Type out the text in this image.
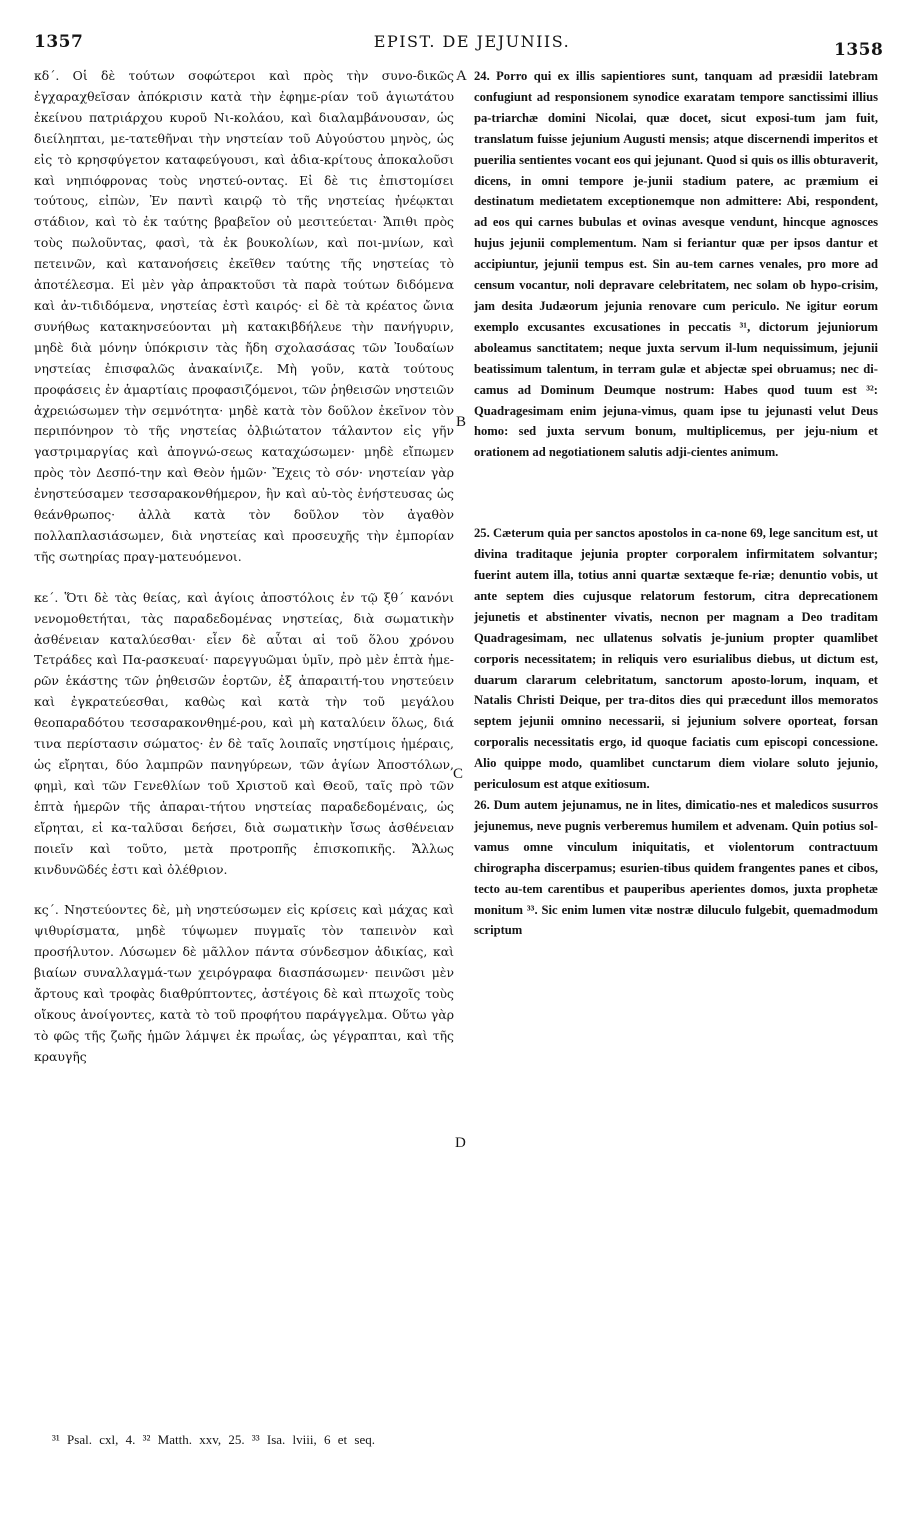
1357	EPIST. DE JEJUNIIS.	1358

κδ΄. Οἱ δὲ τούτων σοφώτεροι καὶ πρὸς τὴν συνο-δικῶς ἐγχαραχθεῖσαν ἀπόκρισιν κατὰ τὴν ἐφημε-ρίαν τοῦ ἁγιωτάτου ἐκείνου πατριάρχου κυροῦ Νι-κολάου, καὶ διαλαμβάνουσαν, ὡς διείληπται, με-τατεθῆναι τὴν νηστείαν τοῦ Αὐγούστου μηνὸς, ὡς εἰς τὸ κρησφύγετον καταφεύγουσι, καὶ ἀδια-κρίτους ἀποκαλοῦσι καὶ νηπιόφρονας τοὺς νηστεύ-οντας. Εἰ δὲ τις ἐπιστομίσει τούτους, εἰπὼν, Ἐν παντὶ καιρῷ τὸ τῆς νηστείας ἠνέῳκται στάδιον, καὶ τὸ ἐκ ταύτης βραβεῖον οὐ μεσιτεύεται· Ἄπιθι πρὸς τοὺς πωλοῦντας, φασὶ, τὰ ἐκ βουκολίων, καὶ ποι-μνίων, καὶ πετεινῶν, καὶ κατανοήσεις ἐκεῖθεν ταύτης τῆς νηστείας τὸ ἀποτέλεσμα. Εἰ μὲν γὰρ ἀπρακτοῦσι τὰ παρὰ τούτων διδόμενα καὶ ἀν-τιδιδόμενα, νηστείας ἐστὶ καιρός· εἰ δὲ τὰ κρέατος ὤνια συνήθως κατακηνσεύονται μὴ κατακιβδήλευε τὴν πανήγυριν, μηδὲ διὰ μόνην ὑπόκρισιν τὰς ἤδη σχολασάσας τῶν Ἰουδαίων νηστείας ἐπισφαλῶς ἀνακαίνιζε. Μὴ γοῦν, κατὰ τούτους προφάσεις ἐν ἁμαρτίαις προφασιζόμενοι, τῶν ῥηθεισῶν νηστειῶν ἀχρειώσωμεν τὴν σεμνότητα· μηδὲ κατὰ τὸν δοῦλον ἐκεῖνον τὸν περιπόνηρον τὸ τῆς νηστείας ὀλβιώτατον τάλαντον εἰς γῆν γαστριμαργίας καὶ ἀπογνώ-σεως καταχώσωμεν· μηδὲ εἴπωμεν πρὸς τὸν Δεσπό-την καὶ Θεὸν ἡμῶν· Ἔχεις τὸ σόν· νηστείαν γὰρ ἐνηστεύσαμεν τεσσαρακονθήμερον, ἣν καὶ αὐ-τὸς ἐνήστευσας ὡς θεάνθρωπος· ἀλλὰ κατὰ τὸν δοῦλον τὸν ἀγαθὸν πολλαπλασιάσωμεν, διὰ νηστείας καὶ προσευχῆς τὴν ἐμπορίαν τῆς σωτηρίας πραγ-ματευόμενοι.

κε΄. Ὅτι δὲ τὰς θείας, καὶ ἁγίοις ἀποστόλοις ἐν τῷ ξθ΄ κανόνι νενομοθετήται, τὰς παραδεδομένας νηστείας, διὰ σωματικὴν ἀσθένειαν καταλύεσθαι· εἶεν δὲ αὗται αἱ τοῦ ὅλου χρόνου Τετράδες καὶ Πα-ρασκευαί· παρεγγυῶμαι ὑμῖν, πρὸ μὲν ἑπτὰ ἡμε-ρῶν ἑκάστης τῶν ῥηθεισῶν ἑορτῶν, ἐξ ἀπαραιτή-του νηστεύειν καὶ ἐγκρατεύεσθαι, καθὼς καὶ κατὰ τὴν τοῦ μεγάλου θεοπαραδότου τεσσαρακονθημέ-ρου, καὶ μὴ καταλύειν ὅλως, διά τινα περίστασιν σώματος· ἐν δὲ ταῖς λοιπαῖς νηστίμοις ἡμέραις, ὡς εἴρηται, δύο λαμπρῶν πανηγύρεων, τῶν ἁγίων Ἀποστόλων, φημὶ, καὶ τῶν Γενεθλίων τοῦ Χριστοῦ καὶ Θεοῦ, ταῖς πρὸ τῶν ἑπτὰ ἡμερῶν τῆς ἀπαραι-τήτου νηστείας παραδεδομέναις, ὡς εἴρηται, εἰ κα-ταλῦσαι δεήσει, διὰ σωματικὴν ἴσως ἀσθένειαν ποιεῖν καὶ τοῦτο, μετὰ προτροπῆς ἐπισκοπικῆς. Ἄλλως κινδυνῶδές ἐστι καὶ ὀλέθριον.

κς΄. Νηστεύοντες δὲ, μὴ νηστεύσωμεν εἰς κρίσεις καὶ μάχας καὶ ψιθυρίσματα, μηδὲ τύψωμεν πυγμαῖς τὸν ταπεινὸν καὶ προσήλυτον. Λύσωμεν δὲ μᾶλλον πάντα σύνδεσμον ἀδικίας, καὶ βιαίων συναλλαγμά-των χειρόγραφα διασπάσωμεν· πεινῶσι μὲν ἄρτους καὶ τροφὰς διαθρύπτοντες, ἀστέγοις δὲ καὶ πτωχοῖς τοὺς οἴκους ἀνοίγοντες, κατὰ τὸ τοῦ προφήτου παράγγελμα. Οὕτω γὰρ τὸ φῶς τῆς ζωῆς ἡμῶν λάμψει ἐκ πρωΐας, ὡς γέγραπται, καὶ τῆς κραυγῆς

24. Porro qui ex illis sapientiores sunt, tanquam ad præsidii latebram confugiunt ad responsionem synodice exaratam tempore sanctissimi illius pa-triarchæ domini Nicolai, quæ docet, sicut exposi-tum jam fuit, translatum fuisse jejunium Augusti mensis; atque discernendi imperitos et puerilia sentientes vocant eos qui jejunant. Quod si quis os illis obturaverit, dicens, in omni tempore je-junii stadium patere, ac præmium ei destinatum medietatem exceptionemque non admittere: Abi, respondent, ad eos qui carnes bubulas et ovinas avesque vendunt, hincque agnosces hujus jejunii complementum. Nam si feriantur quæ per ipsos dantur et accipiuntur, jejunii tempus est. Sin au-tem carnes venales, pro more ad censum vocantur, noli depravare celebritatem, nec solam ob hypo-crisim, jam desita Judæorum jejunia renovare cum periculo. Ne igitur eorum exemplo excusantes excusationes in peccatis ³¹, dictorum jejuniorum aboleamus sanctitatem; neque juxta servum il-lum nequissimum, jejunii beatissimum talentum, in terram gulæ et abjectæ spei obruamus; nec di-camus ad Dominum Deumque nostrum: Habes quod tuum est ³²: Quadragesimam enim jejuna-vimus, quam ipse tu jejunasti velut Deus homo: sed juxta servum bonum, multiplicemus, per jeju-nium et orationem ad negotiationem salutis adji-cientes animum.

25. Cæterum quia per sanctos apostolos in ca-none 69, lege sancitum est, ut divina traditaque jejunia propter corporalem infirmitatem solvantur; fuerint autem illa, totius anni quartæ sextæque fe-riæ; denuntio vobis, ut ante septem dies cujusque relatorum festorum, citra deprecationem jejunetis et abstinenter vivatis, necnon per magnam a Deo traditam Quadragesimam, nec ullatenus solvatis je-junium propter quamlibet corporis necessitatem; in reliquis vero esurialibus diebus, ut dictum est, duarum clararum celebritatum, sanctorum aposto-lorum, inquam, et Natalis Christi Deique, per tra-ditos dies qui præcedunt illos memoratos septem jejunii omnino necessarii, si jejunium solvere oporteat, forsan corporalis necessitatis ergo, id quoque faciatis cum episcopi concessione. Alio quippe modo, quamlibet cunctarum diem violare soluto jejunio, periculosum est atque exitiosum.

26. Dum autem jejunamus, ne in lites, dimicatio-nes et maledicos susurros jejunemus, neve pugnis verberemus humilem et advenam. Quin potius sol-vamus omne vinculum iniquitatis, et violentorum contractuum chirographa discerpamus; esurien-tibus quidem frangentes panes et cibos, tecto au-tem carentibus et pauperibus aperientes domos, juxta prophetæ monitum ³³. Sic enim lumen vitæ nostræ diluculo fulgebit, quemadmodum scriptum

A
B
C
D
³¹ Psal. cxl, 4. ³² Matth. xxv, 25. ³³ Isa. lviii, 6 et seq.
